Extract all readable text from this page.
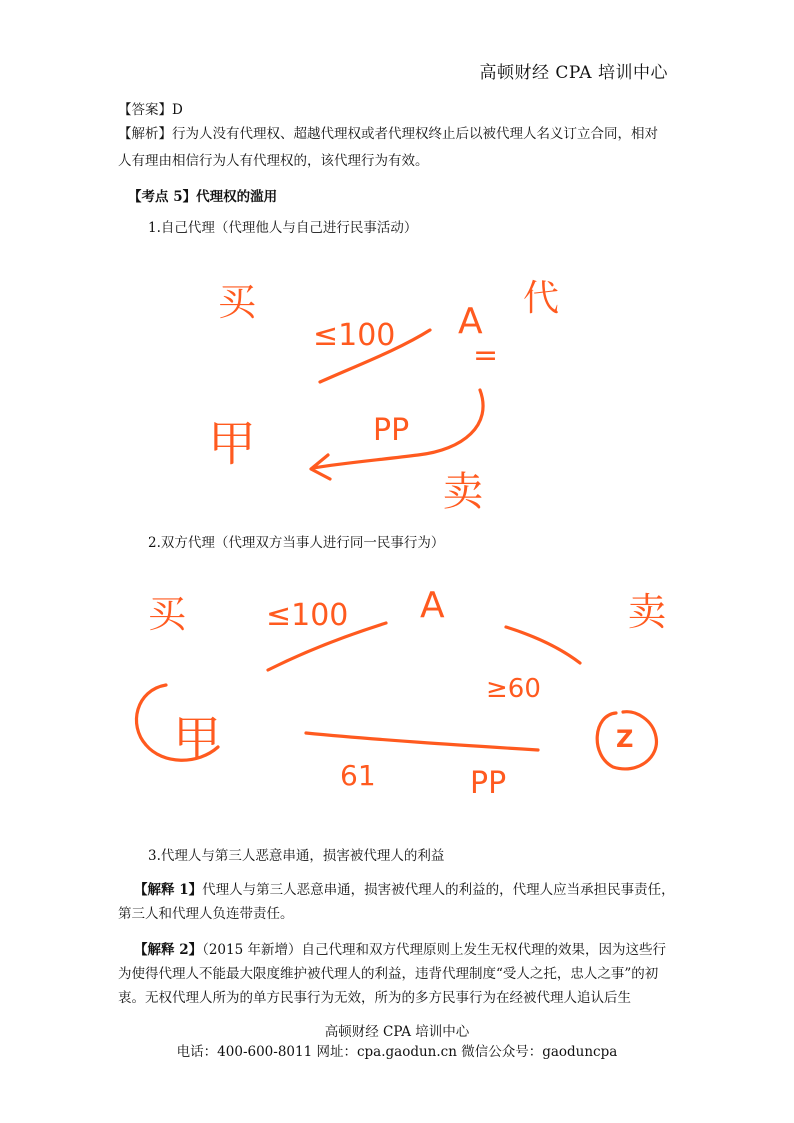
高顿财经 CPA 培训中心
【答案】D
【解析】行为人没有代理权、超越代理权或者代理权终止后以被代理人名义订立合同，相对
人有理由相信行为人有代理权的，该代理行为有效。
【考点 5】代理权的滥用
1.自己代理（代理他人与自己进行民事活动）
买
≤100 A
=
代
甲	PP
卖
2.双方代理（代理双方当事人进行同一民事行为）
买	≤100 A	卖
≥60
甲	Z
61	PP
3.代理人与第三人恶意串通，损害被代理人的利益
【解释 1】代理人与第三人恶意串通，损害被代理人的利益的，代理人应当承担民事责任，第三人和代理人负连带责任。
【解释 2】（2015 年新增）自己代理和双方代理原则上发生无权代理的效果，因为这些行为使得代理人不能最大限度维护被代理人的利益，违背代理制度“受人之托，忠人之事”的初衷。无权代理人所为的单方民事行为无效，所为的多方民事行为在经被代理人追认后生
高顿财经 CPA 培训中心
电话：400-600-8011 网址：cpa.gaodun.cn 微信公众号：gaoduncpa
